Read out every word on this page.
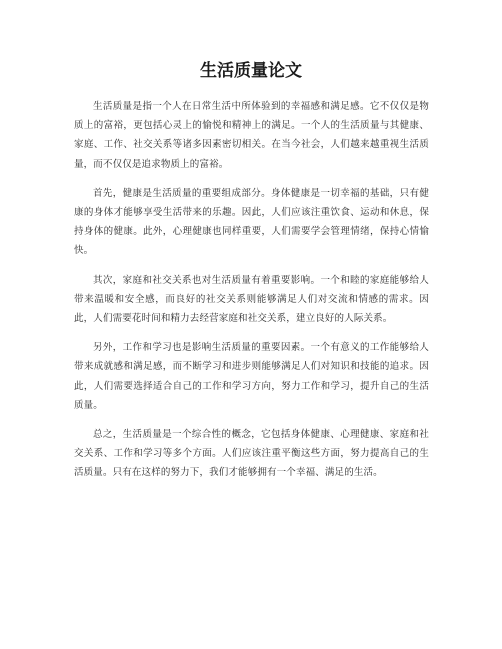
生活质量论文

生活质量是指一个人在日常生活中所体验到的幸福感和满足感。它不仅仅是物质上的富裕，更包括心灵上的愉悦和精神上的满足。一个人的生活质量与其健康、家庭、工作、社交关系等诸多因素密切相关。在当今社会，人们越来越重视生活质量，而不仅仅是追求物质上的富裕。

首先，健康是生活质量的重要组成部分。身体健康是一切幸福的基础，只有健康的身体才能够享受生活带来的乐趣。因此，人们应该注重饮食、运动和休息，保持身体的健康。此外，心理健康也同样重要，人们需要学会管理情绪，保持心情愉快。

其次，家庭和社交关系也对生活质量有着重要影响。一个和睦的家庭能够给人带来温暖和安全感，而良好的社交关系则能够满足人们对交流和情感的需求。因此，人们需要花时间和精力去经营家庭和社交关系，建立良好的人际关系。

另外，工作和学习也是影响生活质量的重要因素。一个有意义的工作能够给人带来成就感和满足感，而不断学习和进步则能够满足人们对知识和技能的追求。因此，人们需要选择适合自己的工作和学习方向，努力工作和学习，提升自己的生活质量。

总之，生活质量是一个综合性的概念，它包括身体健康、心理健康、家庭和社交关系、工作和学习等多个方面。人们应该注重平衡这些方面，努力提高自己的生活质量。只有在这样的努力下，我们才能够拥有一个幸福、满足的生活。
